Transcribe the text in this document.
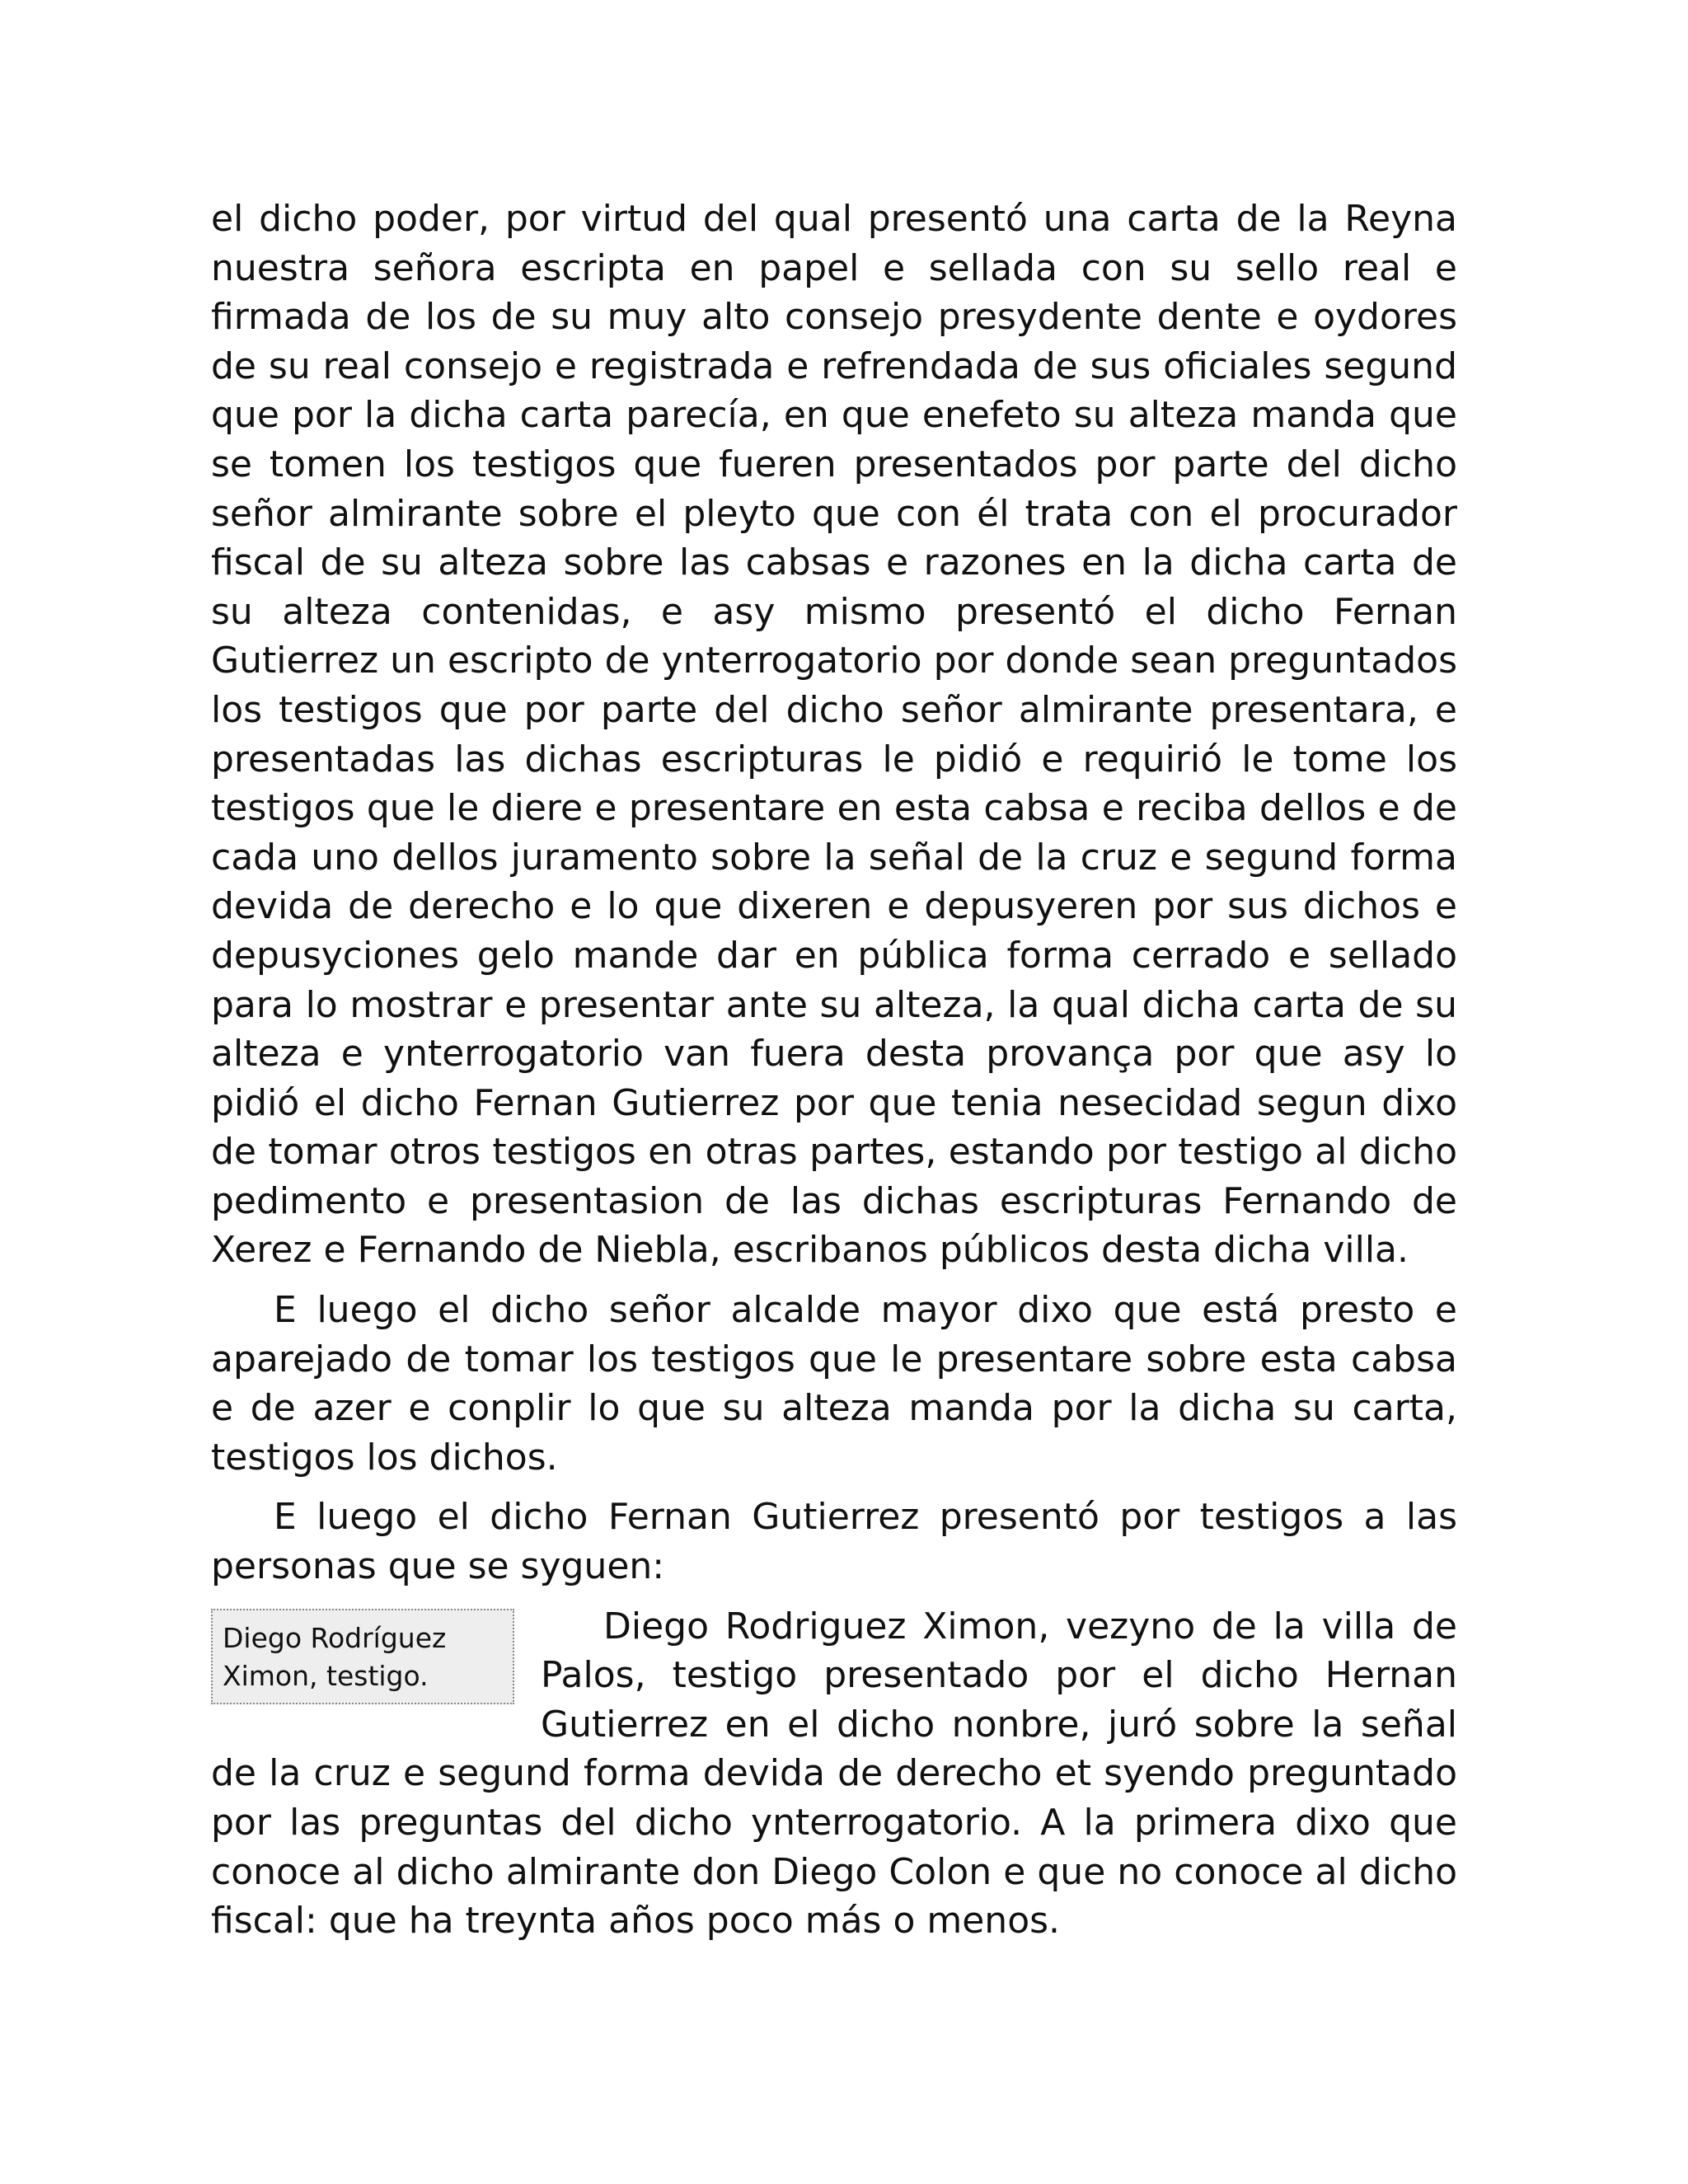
el dicho poder, por virtud del qual presentó una carta de la Reyna nuestra señora escripta en papel e sellada con su sello real e firmada de los de su muy alto consejo presydente dente e oydores de su real consejo e registrada e refrendada de sus oficiales segund que por la dicha carta parecía, en que enefeto su alteza manda que se tomen los testigos que fueren presentados por parte del dicho señor almirante sobre el pleyto que con él trata con el procurador fiscal de su alteza sobre las cabsas e razones en la dicha carta de su alteza contenidas, e asy mismo presentó el dicho Fernan Gutierrez un escripto de ynterrogatorio por donde sean preguntados los testigos que por parte del dicho señor almirante presentara, e presentadas las dichas escripturas le pidió e requirió le tome los testigos que le diere e presentare en esta cabsa e reciba dellos e de cada uno dellos juramento sobre la señal de la cruz e segund forma devida de derecho e lo que dixeren e depusyeren por sus dichos e depusyciones gelo mande dar en pública forma cerrado e sellado para lo mostrar e presentar ante su alteza, la qual dicha carta de su alteza e ynterrogatorio van fuera desta provança por que asy lo pidió el dicho Fernan Gutierrez por que tenia nesecidad segun dixo de tomar otros testigos en otras partes, estando por testigo al dicho pedimento e presentasion de las dichas escripturas Fernando de Xerez e Fernando de Niebla, escribanos públicos desta dicha villa.

E luego el dicho señor alcalde mayor dixo que está presto e aparejado de tomar los testigos que le presentare sobre esta cabsa e de azer e conplir lo que su alteza manda por la dicha su carta, testigos los dichos.

E luego el dicho Fernan Gutierrez presentó por testigos a las personas que se syguen:

Diego Rodríguez
Ximon, testigo.

Diego Rodriguez Ximon, vezyno de la villa de Palos, testigo presentado por el dicho Hernan Gutierrez en el dicho nonbre, juró sobre la señal de la cruz e segund forma devida de derecho et syendo preguntado por las preguntas del dicho ynterrogatorio. A la primera dixo que conoce al dicho almirante don Diego Colon e que no conoce al dicho fiscal: que ha treynta años poco más o menos.
